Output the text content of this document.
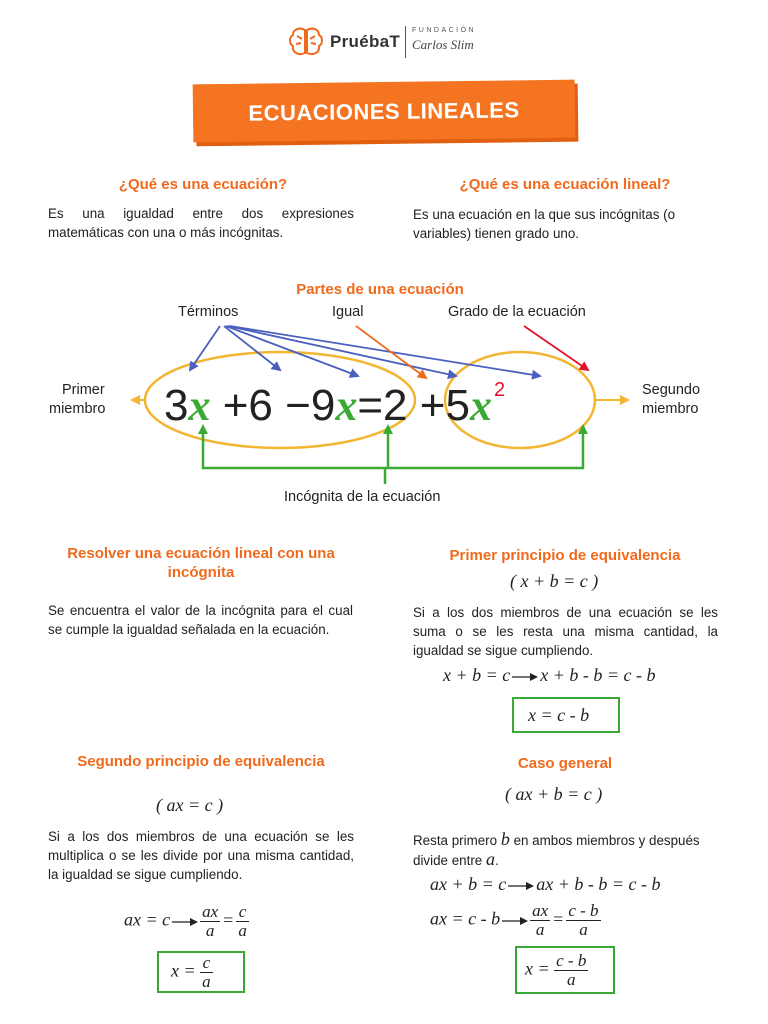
PruébaT
FUNDACIÓN
Carlos Slim
ECUACIONES LINEALES
¿Qué es una ecuación?
Es una igualdad entre dos expresiones matemáticas con una o más incógnitas.
¿Qué es una ecuación lineal?
Es una ecuación en la que sus incógnitas (o variables) tienen grado uno.
Partes de una ecuación
Términos	Igual	Grado de la ecuación
Primer
miembro
Segundo
miembro
3x +6 −9x=2 +5x $^2$
Incógnita de la ecuación
Resolver una ecuación lineal con una incógnita
Se encuentra el valor de la incógnita para el cual se cumple la igualdad señalada en la ecuación.
Primer principio de equivalencia
( x + b = c )
Si a los dos miembros de una ecuación se les suma o se les resta una misma cantidad, la igualdad se sigue cumpliendo.
x + b = c x + b - b = c - b
x = c - b
Segundo principio de equivalencia
( ax = c )
Si a los dos miembros de una ecuación se les multiplica o se les divide por una misma cantidad, la igualdad se sigue cumpliendo.
ax = c $\frac{ax}{a} = \frac{c}{a}$
$x = \frac{c}{a}$
Caso general
( ax + b = c )
Resta primero b en ambos miembros y después divide entre a.
ax + b = c ax + b - b = c - b
ax = c - b $\frac{ax}{a} = \frac{c - b}{a}$
$x = \frac{c - b}{a}$
